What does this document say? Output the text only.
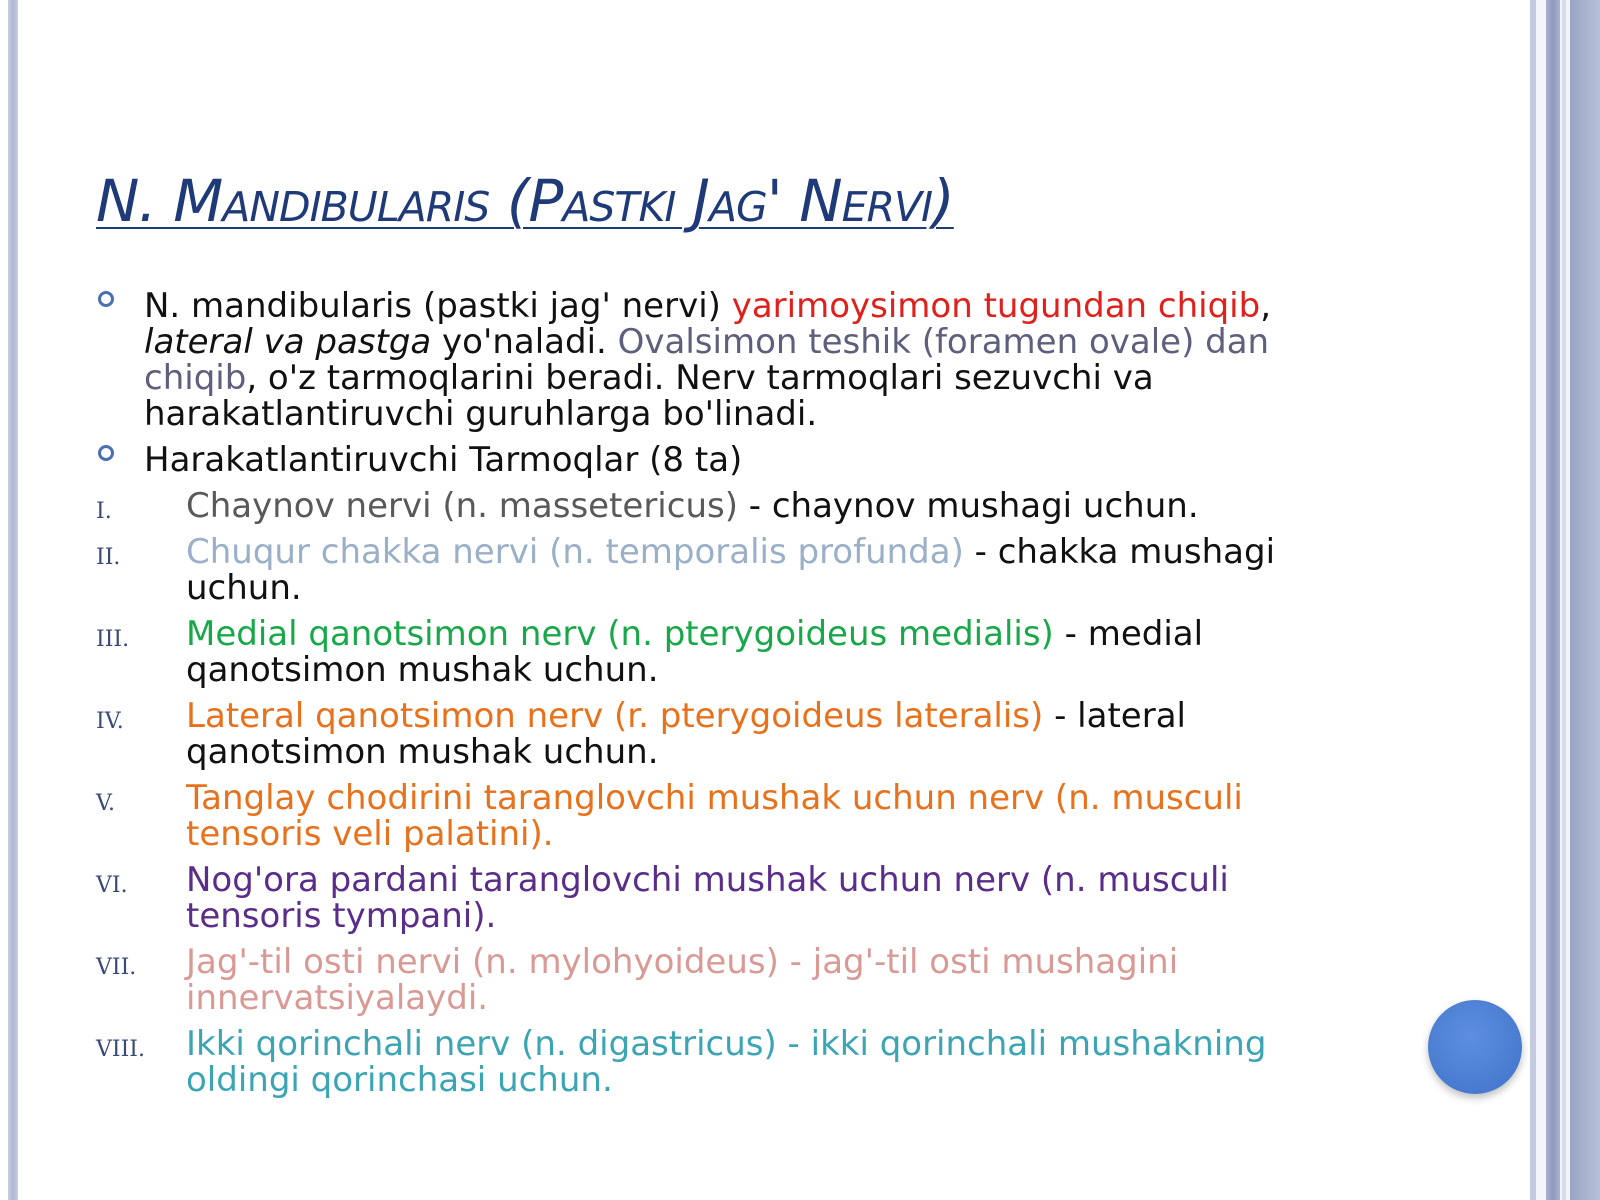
N. Mandibularis (Pastki Jag' Nervi)
N. mandibularis (pastki jag' nervi) yarimoysimon tugundan chiqib, lateral va pastga yo'naladi. Ovalsimon teshik (foramen ovale) dan chiqib, o'z tarmoqlarini beradi. Nerv tarmoqlari sezuvchi va harakatlantiruvchi guruhlarga bo'linadi.
Harakatlantiruvchi Tarmoqlar (8 ta)
I. Chaynov nervi (n. massetericus) - chaynov mushagi uchun.
II. Chuqur chakka nervi (n. temporalis profunda) - chakka mushagi uchun.
III. Medial qanotsimon nerv (n. pterygoideus medialis) - medial qanotsimon mushak uchun.
IV. Lateral qanotsimon nerv (r. pterygoideus lateralis) - lateral qanotsimon mushak uchun.
V. Tanglay chodirini taranglovchi mushak uchun nerv (n. musculi tensoris veli palatini).
VI. Nog'ora pardani taranglovchi mushak uchun nerv (n. musculi tensoris tympani).
VII. Jag'-til osti nervi (n. mylohyoideus) - jag'-til osti mushagini innervatsiyalaydi.
VIII. Ikki qorinchali nerv (n. digastricus) - ikki qorinchali mushakning oldingi qorinchasi uchun.
